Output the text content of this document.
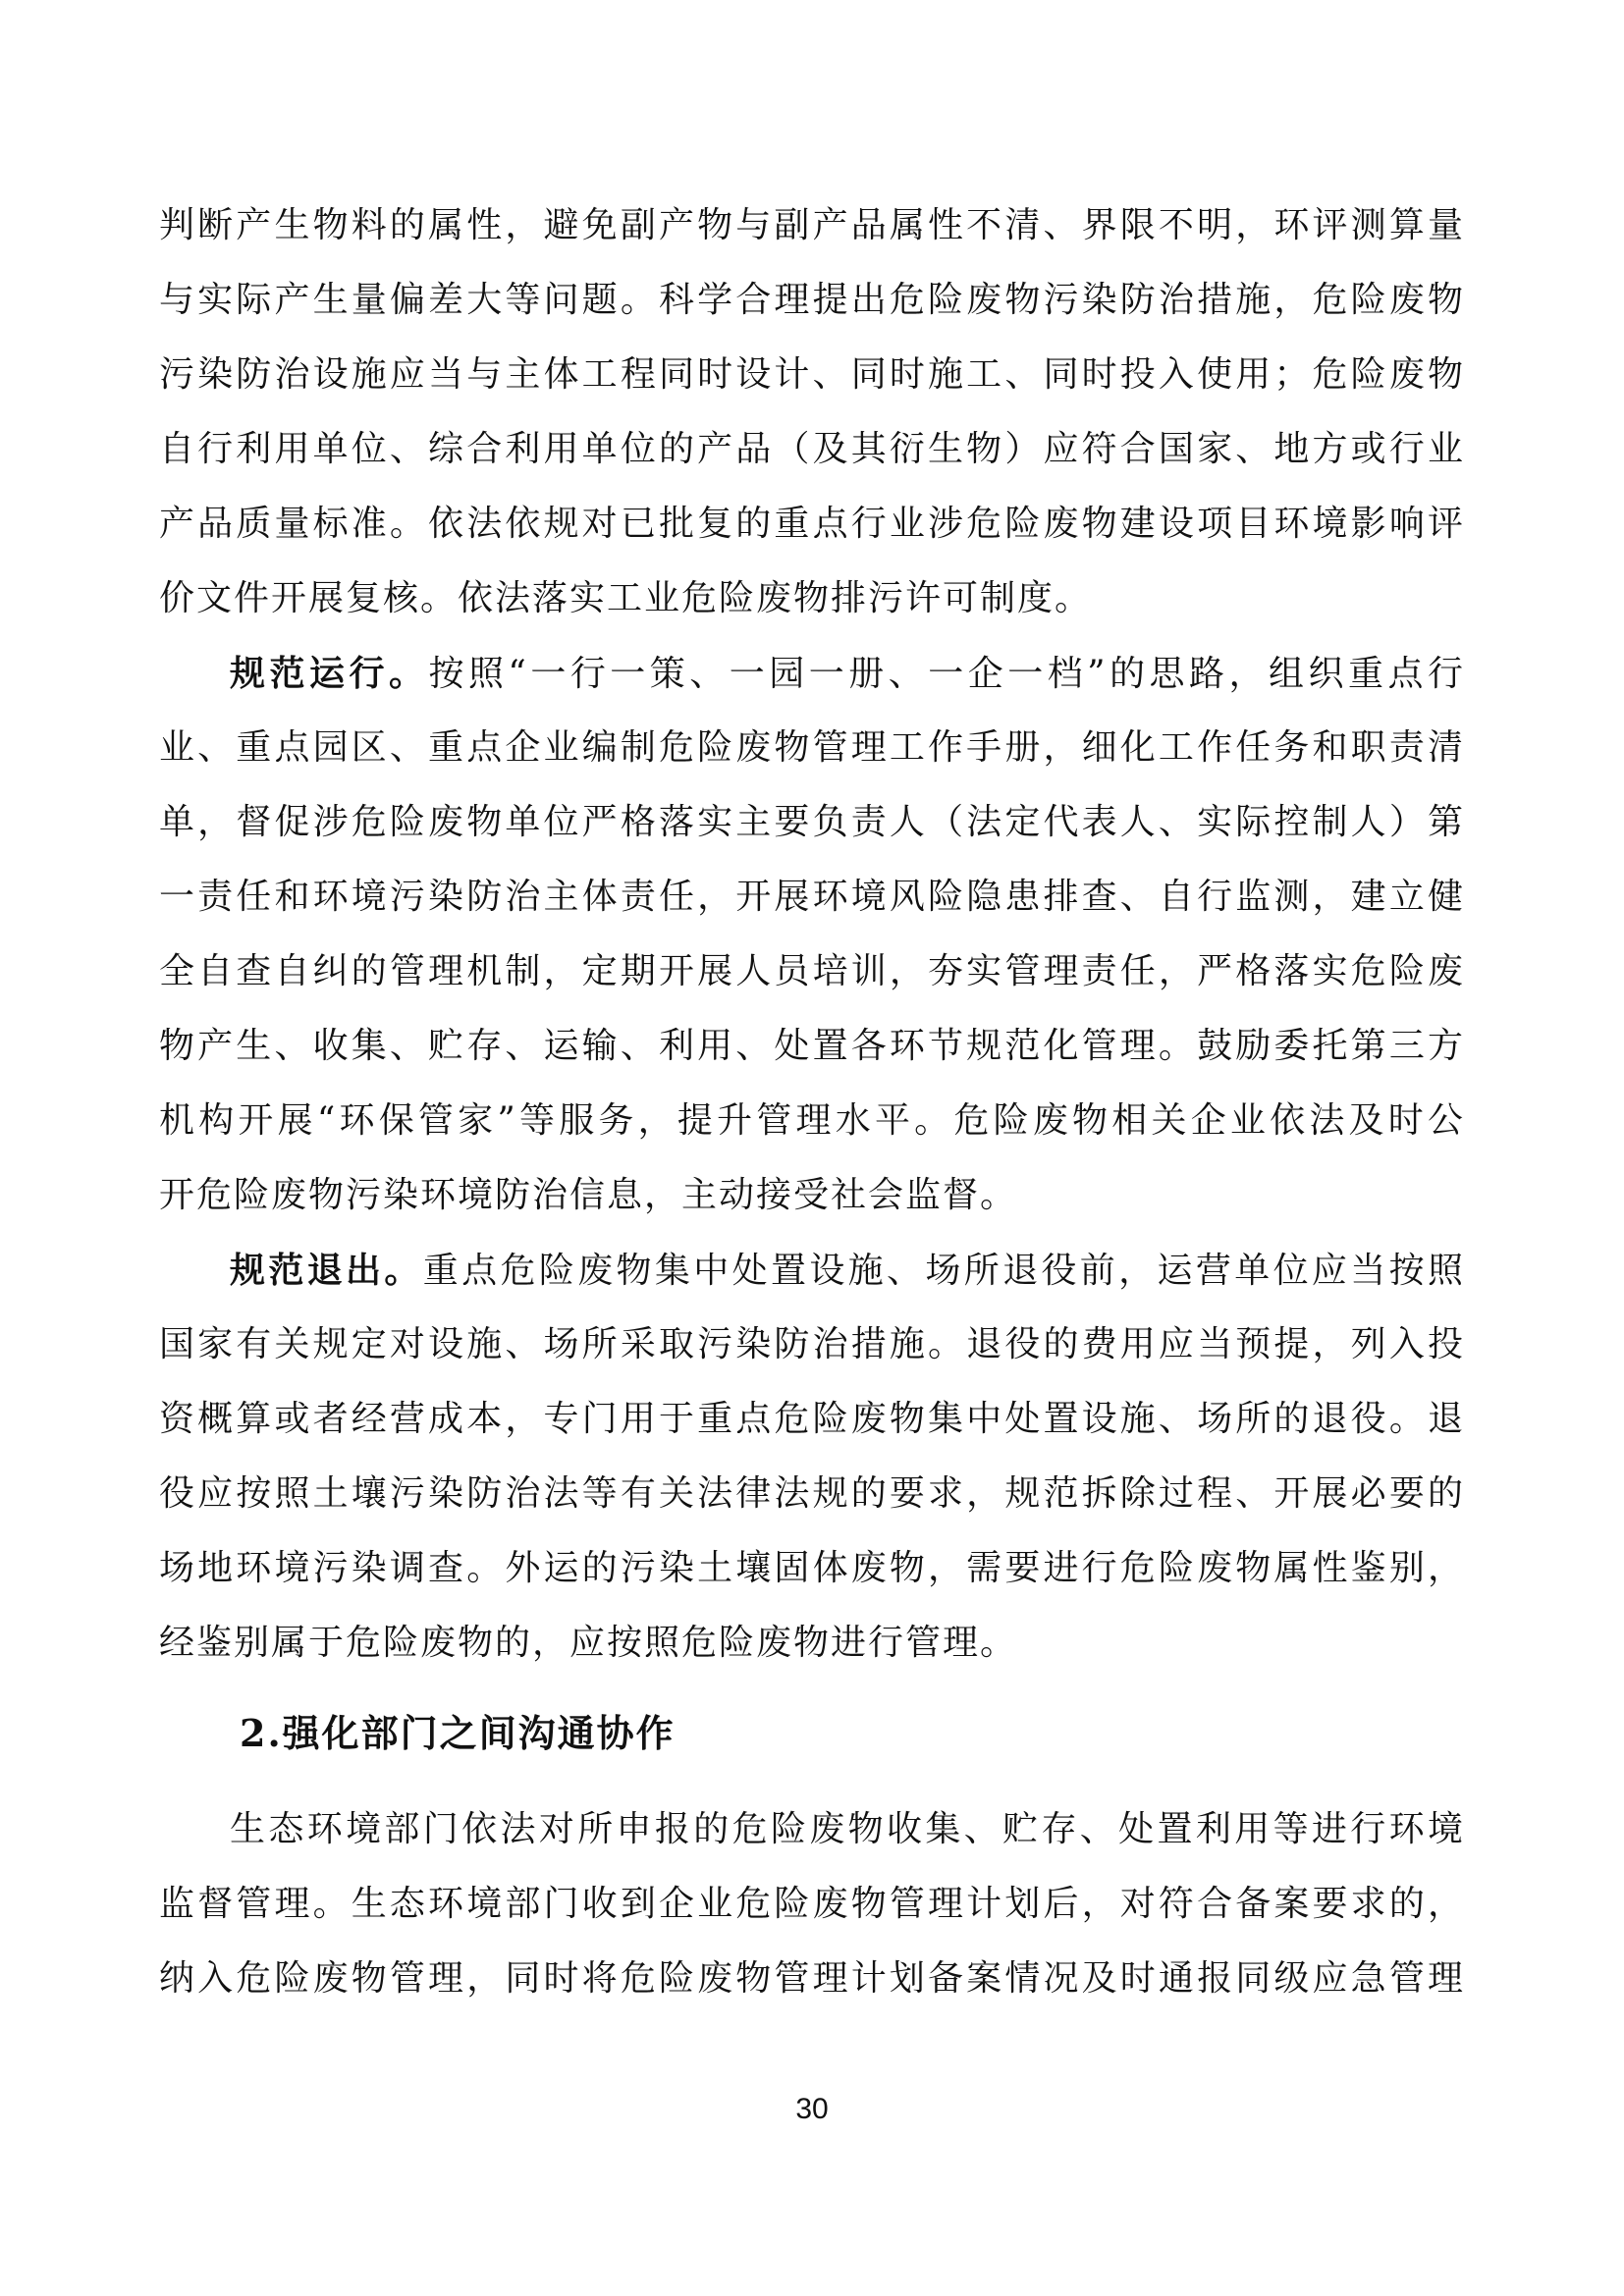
判断产生物料的属性，避免副产物与副产品属性不清、界限不明，环评测算量
与实际产生量偏差大等问题。科学合理提出危险废物污染防治措施，危险废物
污染防治设施应当与主体工程同时设计、同时施工、同时投入使用；危险废物
自行利用单位、综合利用单位的产品（及其衍生物）应符合国家、地方或行业
产品质量标准。依法依规对已批复的重点行业涉危险废物建设项目环境影响评
价文件开展复核。依法落实工业危险废物排污许可制度。
规范运行。按照“一行一策、一园一册、一企一档”的思路，组织重点行
业、重点园区、重点企业编制危险废物管理工作手册，细化工作任务和职责清
单，督促涉危险废物单位严格落实主要负责人（法定代表人、实际控制人）第
一责任和环境污染防治主体责任，开展环境风险隐患排查、自行监测，建立健
全自查自纠的管理机制，定期开展人员培训，夯实管理责任，严格落实危险废
物产生、收集、贮存、运输、利用、处置各环节规范化管理。鼓励委托第三方
机构开展“环保管家”等服务，提升管理水平。危险废物相关企业依法及时公
开危险废物污染环境防治信息，主动接受社会监督。
规范退出。重点危险废物集中处置设施、场所退役前，运营单位应当按照
国家有关规定对设施、场所采取污染防治措施。退役的费用应当预提，列入投
资概算或者经营成本，专门用于重点危险废物集中处置设施、场所的退役。退
役应按照土壤污染防治法等有关法律法规的要求，规范拆除过程、开展必要的
场地环境污染调查。外运的污染土壤固体废物，需要进行危险废物属性鉴别，
经鉴别属于危险废物的，应按照危险废物进行管理。
2.强化部门之间沟通协作
生态环境部门依法对所申报的危险废物收集、贮存、处置利用等进行环境
监督管理。生态环境部门收到企业危险废物管理计划后，对符合备案要求的，
纳入危险废物管理，同时将危险废物管理计划备案情况及时通报同级应急管理
30
